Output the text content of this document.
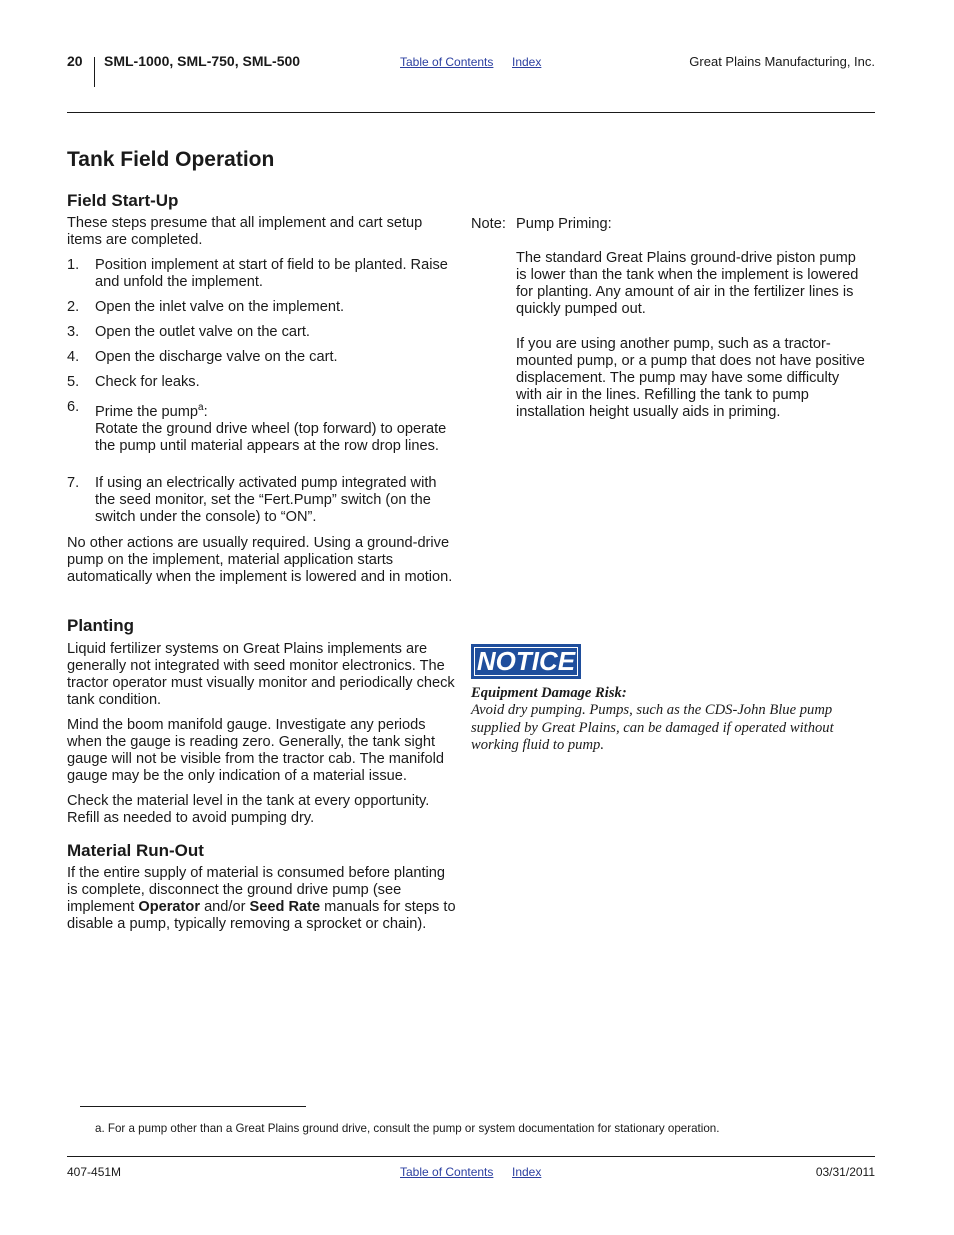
20 SML-1000, SML-750, SML-500	Table of Contents Index	Great Plains Manufacturing, Inc.
Tank Field Operation
Field Start-Up
These steps presume that all implement and cart setup items are completed.
1. Position implement at start of field to be planted. Raise and unfold the implement.
2. Open the inlet valve on the implement.
3. Open the outlet valve on the cart.
4. Open the discharge valve on the cart.
5. Check for leaks.
6. Prime the pump$^a$:
Rotate the ground drive wheel (top forward) to operate the pump until material appears at the row drop lines.
7. If using an electrically activated pump integrated with the seed monitor, set the “Fert.Pump” switch (on the switch under the console) to “ON”.
No other actions are usually required. Using a ground-drive pump on the implement, material application starts automatically when the implement is lowered and in motion.
Planting
Liquid fertilizer systems on Great Plains implements are generally not integrated with seed monitor electronics. The tractor operator must visually monitor and periodically check tank condition.
Mind the boom manifold gauge. Investigate any periods when the gauge is reading zero. Generally, the tank sight gauge will not be visible from the tractor cab. The manifold gauge may be the only indication of a material issue.
Check the material level in the tank at every opportunity. Refill as needed to avoid pumping dry.
Material Run-Out
If the entire supply of material is consumed before planting is complete, disconnect the ground drive pump (see implement Operator and/or Seed Rate manuals for steps to disable a pump, typically removing a sprocket or chain).
Note: Pump Priming:
The standard Great Plains ground-drive piston pump is lower than the tank when the implement is lowered for planting. Any amount of air in the fertilizer lines is quickly pumped out.
If you are using another pump, such as a tractor-mounted pump, or a pump that does not have positive displacement. The pump may have some difficulty with air in the lines. Refilling the tank to pump installation height usually aids in priming.
NOTICE
Equipment Damage Risk:
Avoid dry pumping. Pumps, such as the CDS-John Blue pump supplied by Great Plains, can be damaged if operated without working fluid to pump.
a. For a pump other than a Great Plains ground drive, consult the pump or system documentation for stationary operation.
407-451M	Table of Contents Index	03/31/2011
